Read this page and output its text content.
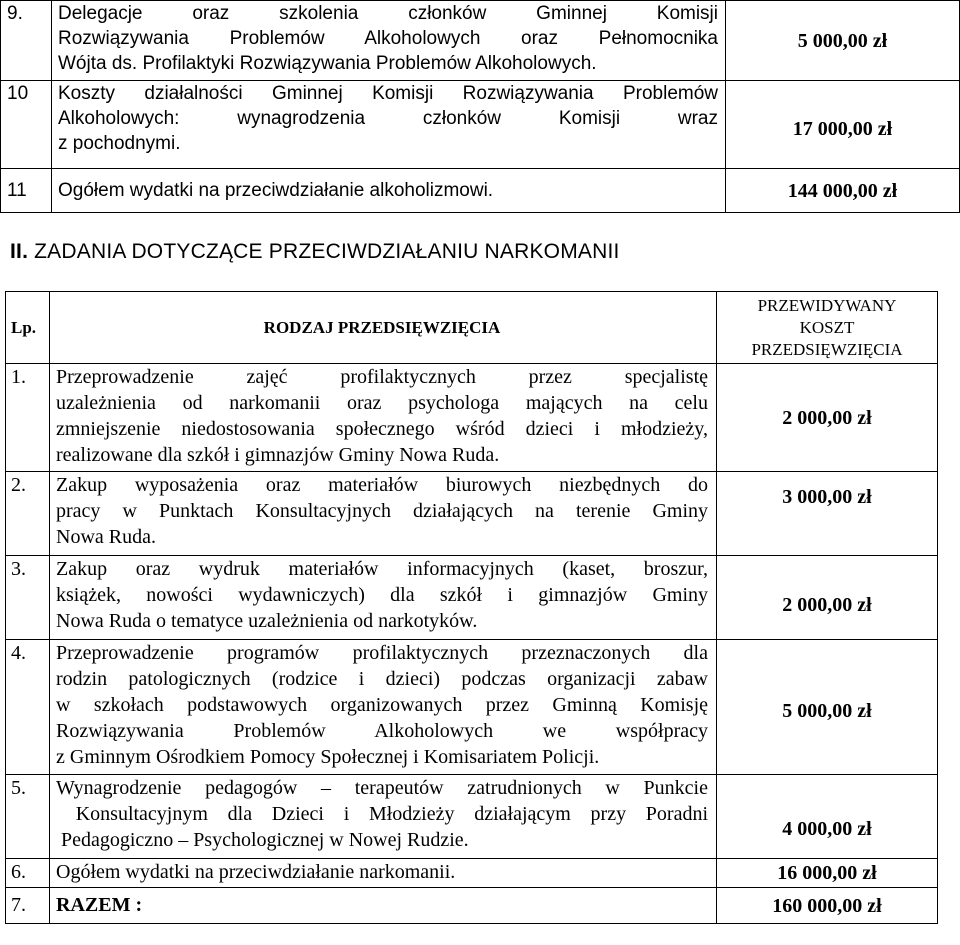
9.	Delegacje oraz szkolenia członków Gminnej Komisji
Rozwiązywania Problemów Alkoholowych oraz Pełnomocnika
Wójta ds. Profilaktyki Rozwiązywania Problemów Alkoholowych.	5 000,00 zł
10	Koszty działalności Gminnej Komisji Rozwiązywania Problemów
Alkoholowych: wynagrodzenia członków Komisji wraz
z pochodnymi.	17 000,00 zł
11	Ogółem wydatki na przeciwdziałanie alkoholizmowi.	144 000,00 zł
II. ZADANIA DOTYCZĄCE PRZECIWDZIAŁANIU NARKOMANII
Lp.	RODZAJ PRZEDSIĘWZIĘCIA	PRZEWIDYWANY
KOSZT
PRZEDSIĘWZIĘCIA

1.	Przeprowadzenie zajęć profilaktycznych przez specjalistę
uzależnienia od narkomanii oraz psychologa mających na celu
zmniejszenie niedostosowania społecznego wśród dzieci i młodzieży,
realizowane dla szkół i gimnazjów Gminy Nowa Ruda.	2 000,00 zł
2.	Zakup wyposażenia oraz materiałów biurowych niezbędnych do
pracy w Punktach Konsultacyjnych działających na terenie Gminy
Nowa Ruda.	3 000,00 zł
3.	Zakup oraz wydruk materiałów informacyjnych (kaset, broszur,
książek, nowości wydawniczych) dla szkół i gimnazjów Gminy
Nowa Ruda o tematyce uzależnienia od narkotyków.	2 000,00 zł
4.	Przeprowadzenie programów profilaktycznych przeznaczonych dla
rodzin patologicznych (rodzice i dzieci) podczas organizacji zabaw
w szkołach podstawowych organizowanych przez Gminną Komisję
Rozwiązywania Problemów Alkoholowych we współpracy
z Gminnym Ośrodkiem Pomocy Społecznej i Komisariatem Policji.	5 000,00 zł
5.	Wynagrodzenie pedagogów – terapeutów zatrudnionych w Punkcie
Konsultacyjnym dla Dzieci i Młodzieży działającym przy Poradni
Pedagogiczno – Psychologicznej w Nowej Rudzie.	4 000,00 zł
6.	Ogółem wydatki na przeciwdziałanie narkomanii.	16 000,00 zł
7.	RAZEM :	160 000,00 zł
